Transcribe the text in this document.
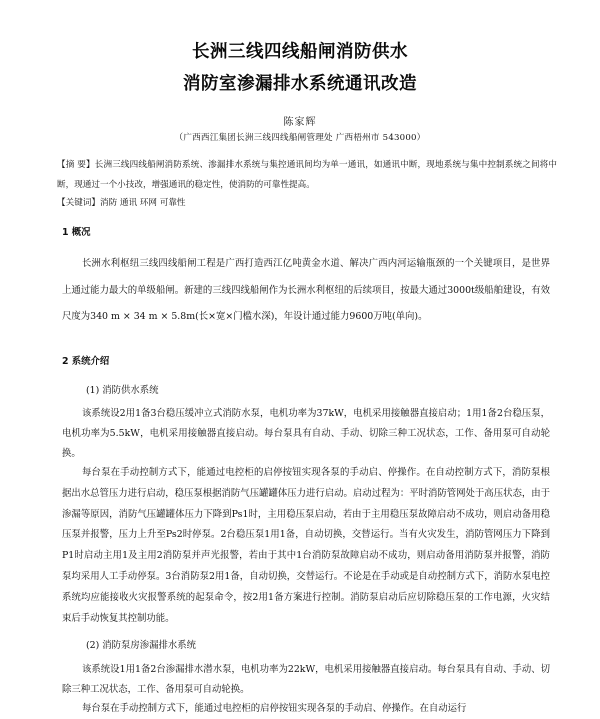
长洲三线四线船闸消防供水
消防室渗漏排水系统通讯改造
陈家辉
（广西西江集团长洲三线四线船闸管理处 广西梧州市 543000）
【摘 要】长洲三线四线船闸消防系统、渗漏排水系统与集控通讯间均为单一通讯，如通讯中断，现地系统与集中控制系统之间将中断，现通过一个小技改，增强通讯的稳定性，使消防的可靠性提高。
【关键词】消防 通讯 环网 可靠性
1 概况
长洲水利枢纽三线四线船闸工程是广西打造西江亿吨黄金水道、解决广西内河运输瓶颈的一个关键项目，是世界上通过能力最大的单级船闸。新建的三线四线船闸作为长洲水利枢纽的后续项目，按最大通过3000t级船舶建设，有效尺度为340 m × 34 m × 5.8m(长×宽×门槛水深)，年设计通过能力9600万吨(单向)。
2 系统介绍
(1) 消防供水系统
该系统设2用1备3台稳压缓冲立式消防水泵，电机功率为37kW，电机采用接触器直接启动；1用1备2台稳压泵，电机功率为5.5kW，电机采用接触器直接启动。每台泵具有自动、手动、切除三种工况状态，工作、备用泵可自动轮换。
每台泵在手动控制方式下，能通过电控柜的启停按钮实现各泵的手动启、停操作。在自动控制方式下，消防泵根据出水总管压力进行启动，稳压泵根据消防气压罐罐体压力进行启动。启动过程为：平时消防管网处于高压状态，由于渗漏等原因，消防气压罐罐体压力下降到Ps1时，主用稳压泵启动，若由于主用稳压泵故障启动不成功，则启动备用稳压泵并报警，压力上升至Ps2时停泵。2台稳压泵1用1备，自动切换，交替运行。当有火灾发生，消防管网压力下降到P1时启动主用1及主用2消防泵并声光报警，若由于其中1台消防泵故障启动不成功，则启动备用消防泵并报警，消防泵均采用人工手动停泵。3台消防泵2用1备，自动切换，交替运行。不论是在手动或是自动控制方式下，消防水泵电控系统均应能接收火灾报警系统的起泵命令，按2用1备方案进行控制。消防泵启动后应切除稳压泵的工作电源，火灾结束后手动恢复其控制功能。
(2) 消防泵房渗漏排水系统
该系统设1用1备2台渗漏排水潜水泵，电机功率为22kW，电机采用接触器直接启动。每台泵具有自动、手动、切除三种工况状态，工作、备用泵可自动轮换。
每台泵在手动控制方式下，能通过电控柜的启停按钮实现各泵的手动启、停操作。在自动运行
